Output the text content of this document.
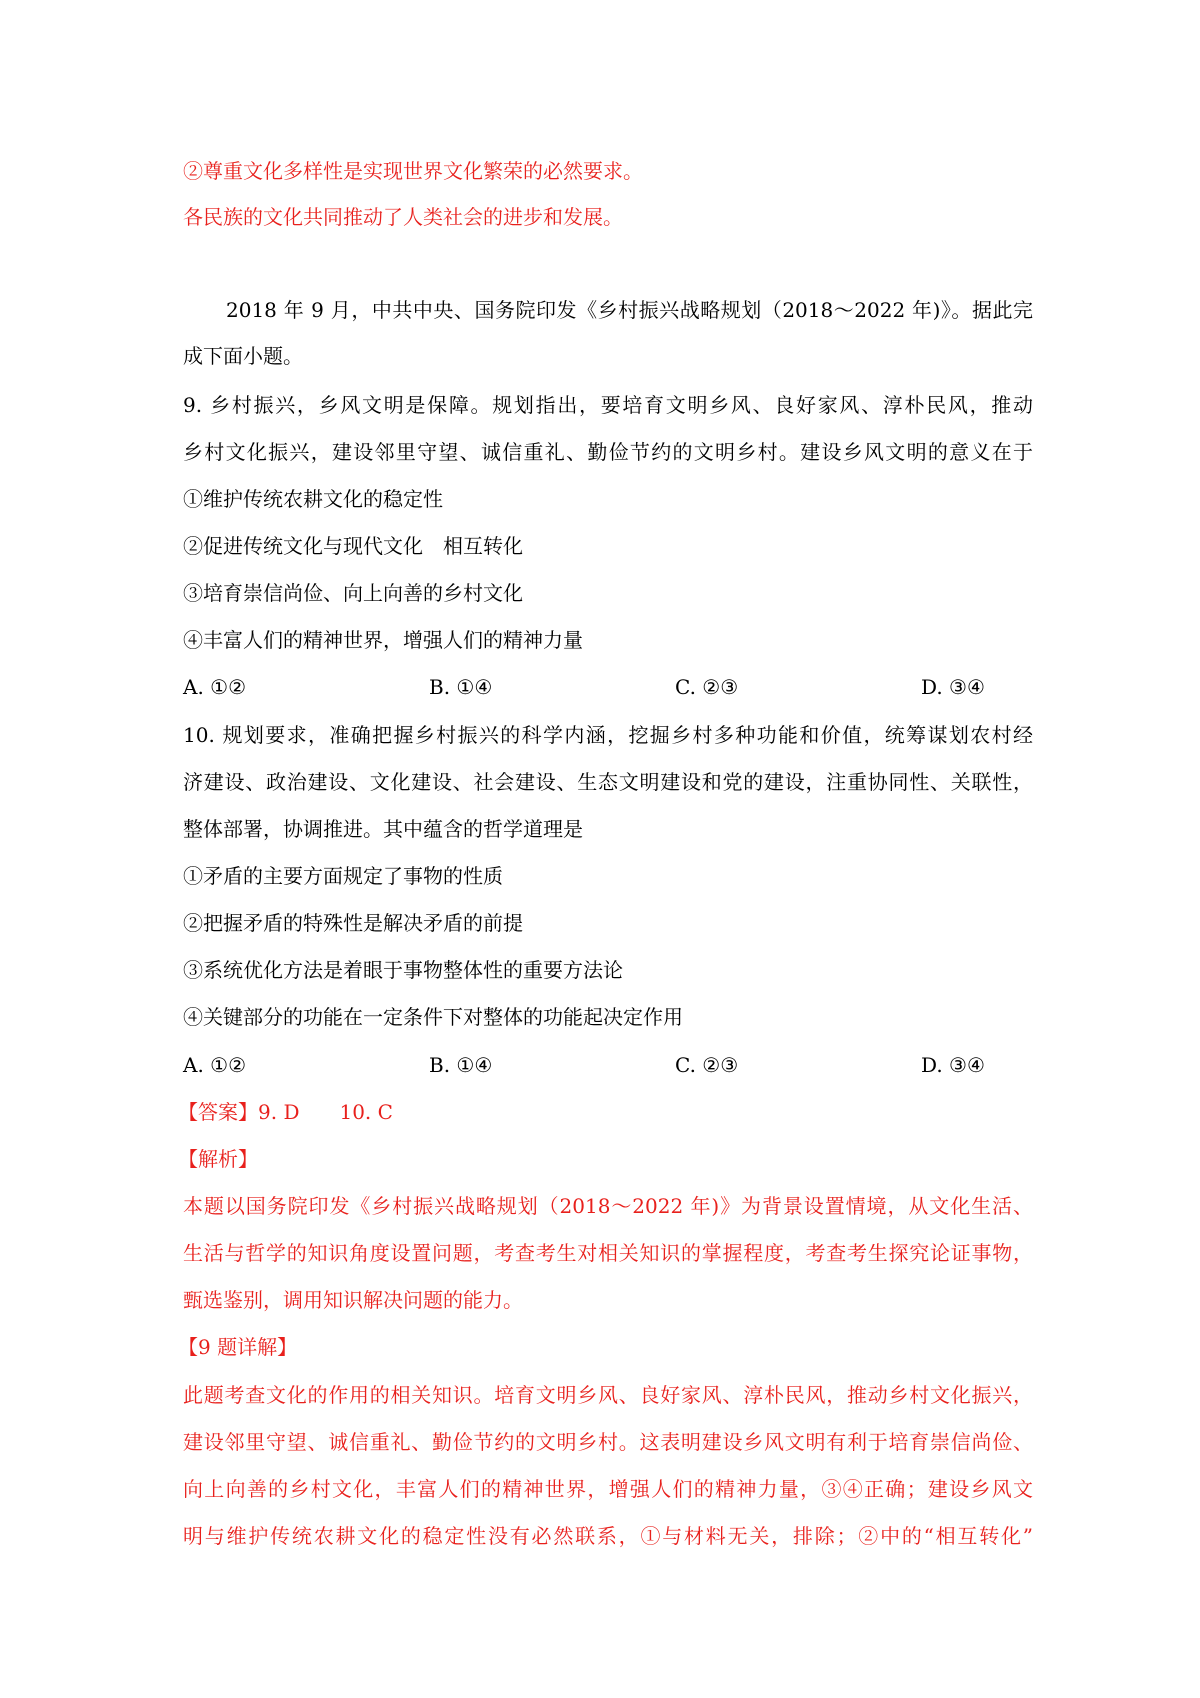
②尊重文化多样性是实现世界文化繁荣的必然要求。
各民族的文化共同推动了人类社会的进步和发展。
2018 年 9 月，中共中央、国务院印发《乡村振兴战略规划（2018～2022 年)》。据此完
成下面小题。
9. 乡村振兴，乡风文明是保障。规划指出，要培育文明乡风、良好家风、淳朴民风，推动
乡村文化振兴，建设邻里守望、诚信重礼、勤俭节约的文明乡村。建设乡风文明的意义在于
①维护传统农耕文化的稳定性
②促进传统文化与现代文化　相互转化
③培育崇信尚俭、向上向善的乡村文化
④丰富人们的精神世界，增强人们的精神力量
A. ①②	B. ①④	C. ②③	D. ③④
10. 规划要求，准确把握乡村振兴的科学内涵，挖掘乡村多种功能和价值，统筹谋划农村经
济建设、政治建设、文化建设、社会建设、生态文明建设和党的建设，注重协同性、关联性，
整体部署，协调推进。其中蕴含的哲学道理是
①矛盾的主要方面规定了事物的性质
②把握矛盾的特殊性是解决矛盾的前提
③系统优化方法是着眼于事物整体性的重要方法论
④关键部分的功能在一定条件下对整体的功能起决定作用
A. ①②	B. ①④	C. ②③	D. ③④
【答案】9. D　　10. C
【解析】
本题以国务院印发《乡村振兴战略规划（2018～2022 年)》为背景设置情境，从文化生活、
生活与哲学的知识角度设置问题，考查考生对相关知识的掌握程度，考查考生探究论证事物，
甄选鉴别，调用知识解决问题的能力。
【9 题详解】
此题考查文化的作用的相关知识。培育文明乡风、良好家风、淳朴民风，推动乡村文化振兴，
建设邻里守望、诚信重礼、勤俭节约的文明乡村。这表明建设乡风文明有利于培育崇信尚俭、
向上向善的乡村文化，丰富人们的精神世界，增强人们的精神力量，③④正确；建设乡风文
明与维护传统农耕文化的稳定性没有必然联系，①与材料无关，排除；②中的“相互转化”
